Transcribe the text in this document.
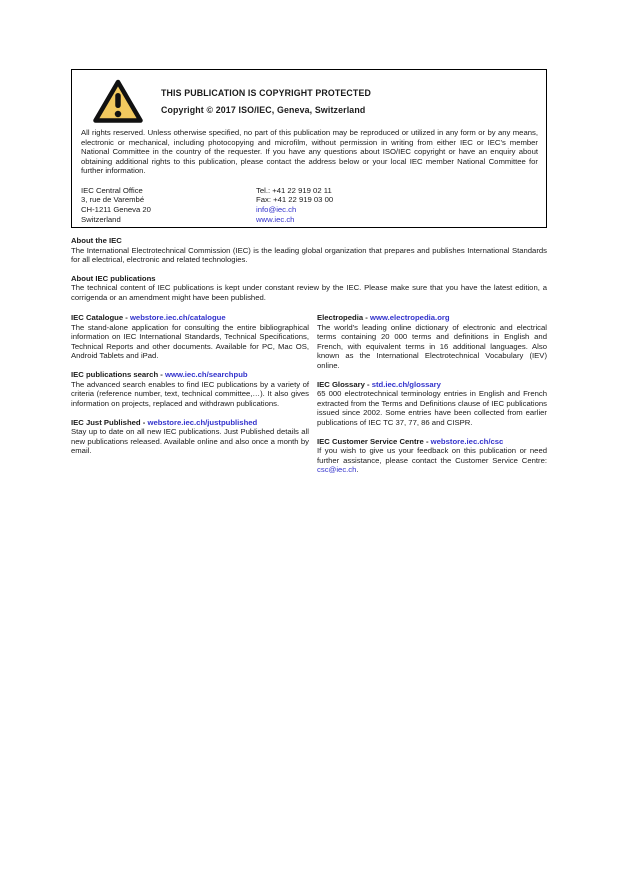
THIS PUBLICATION IS COPYRIGHT PROTECTED
Copyright © 2017 ISO/IEC, Geneva, Switzerland

All rights reserved. Unless otherwise specified, no part of this publication may be reproduced or utilized in any form or by any means, electronic or mechanical, including photocopying and microfilm, without permission in writing from either IEC or IEC's member National Committee in the country of the requester. If you have any questions about ISO/IEC copyright or have an enquiry about obtaining additional rights to this publication, please contact the address below or your local IEC member National Committee for further information.

IEC Central Office
3, rue de Varembé
CH-1211 Geneva 20
Switzerland
Tel.: +41 22 919 02 11
Fax: +41 22 919 03 00
info@iec.ch
www.iec.ch
About the IEC

The International Electrotechnical Commission (IEC) is the leading global organization that prepares and publishes International Standards for all electrical, electronic and related technologies.

About IEC publications

The technical content of IEC publications is kept under constant review by the IEC. Please make sure that you have the latest edition, a corrigenda or an amendment might have been published.

IEC Catalogue - webstore.iec.ch/catalogue

The stand-alone application for consulting the entire bibliographical information on IEC International Standards, Technical Specifications, Technical Reports and other documents. Available for PC, Mac OS, Android Tablets and iPad.

IEC publications search - www.iec.ch/searchpub

The advanced search enables to find IEC publications by a variety of criteria (reference number, text, technical committee,…). It also gives information on projects, replaced and withdrawn publications.

IEC Just Published - webstore.iec.ch/justpublished

Stay up to date on all new IEC publications. Just Published details all new publications released. Available online and also once a month by email.

Electropedia - www.electropedia.org

The world's leading online dictionary of electronic and electrical terms containing 20 000 terms and definitions in English and French, with equivalent terms in 16 additional languages. Also known as the International Electrotechnical Vocabulary (IEV) online.

IEC Glossary - std.iec.ch/glossary

65 000 electrotechnical terminology entries in English and French extracted from the Terms and Definitions clause of IEC publications issued since 2002. Some entries have been collected from earlier publications of IEC TC 37, 77, 86 and CISPR.

IEC Customer Service Centre - webstore.iec.ch/csc

If you wish to give us your feedback on this publication or need further assistance, please contact the Customer Service Centre: csc@iec.ch.
